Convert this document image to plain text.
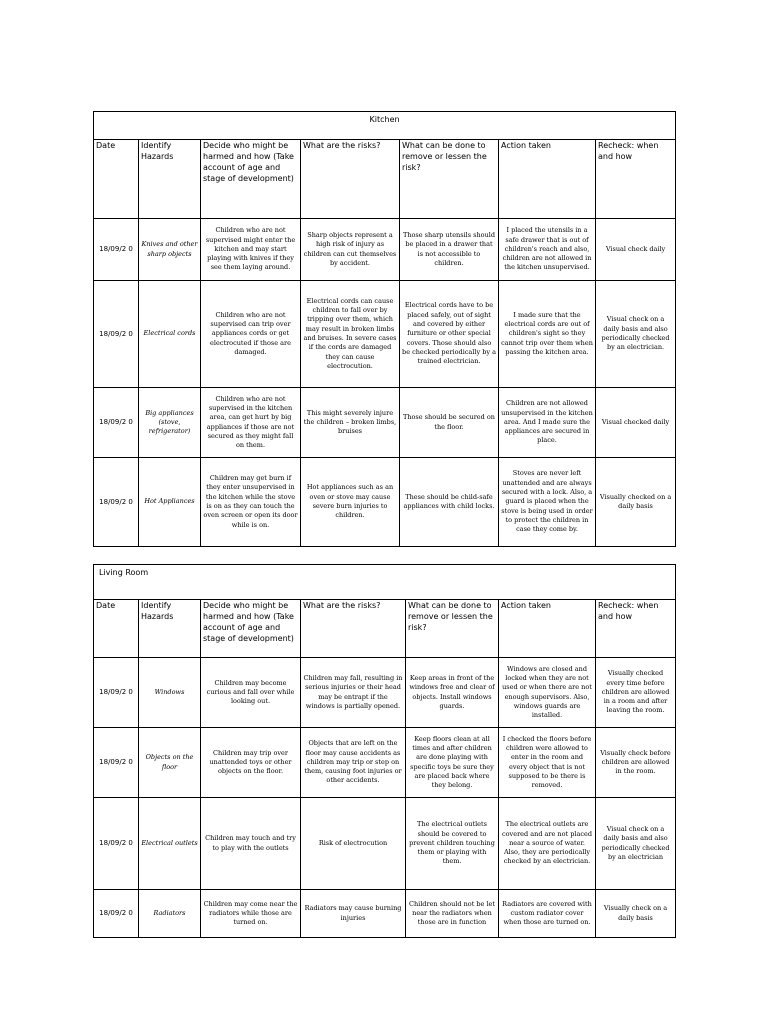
Kitchen						
Date	Identify Hazards	Decide who might be harmed and how (Take account of age and stage of development)	What are the risks?	What can be done to remove or lessen the risk?	Action taken	Recheck: when and how
18/09/2 0	Knives and other sharp objects	Children who are not supervised might enter the kitchen and may start playing with knives if they see them laying around.	Sharp objects represent a high risk of injury as children can cut themselves by accident.	Those sharp utensils should be placed in a drawer that is not accessible to children.	I placed the utensils in a safe drawer that is out of children's reach and also, children are not allowed in the kitchen unsupervised.	Visual check daily
18/09/2 0	Electrical cords	Children who are not supervised can trip over appliances cords or get electrocuted if those are damaged.	Electrical cords can cause children to fall over by tripping over them, which may result in broken limbs and bruises. In severe cases if the cords are damaged they can cause electrocution.	Electrical cords have to be placed safely, out of sight and covered by either furniture or other special covers. Those should also be checked periodically by a trained electrician.	I made sure that the electrical cords are out of children's sight so they cannot trip over them when passing the kitchen area.	Visual check on a daily basis and also periodically checked by an electrician.
18/09/2 0	Big appliances (stove, refrigerator)	Children who are not supervised in the kitchen area, can get hurt by big appliances if those are not secured as they might fall on them.	This might severely injure the children – broken limbs, bruises	Those should be secured on the floor.	Children are not allowed unsupervised in the kitchen area. And I made sure the appliances are secured in place.	Visual checked daily
18/09/2 0	Hot Appliances	Children may get burn if they enter unsupervised in the kitchen while the stove is on as they can touch the oven screen or open its door while is on.	Hot appliances such as an oven or stove may cause severe burn injuries to children.	These should be child-safe appliances with child locks.	Stoves are never left unattended and are always secured with a lock. Also, a guard is placed when the stove is being used in order to protect the children in case they come by.	Visually checked on a daily basis
Living Room						
Date	Identify Hazards	Decide who might be harmed and how (Take account of age and stage of development)	What are the risks?	What can be done to remove or lessen the risk?	Action taken	Recheck: when and how
18/09/2 0	Windows	Children may become curious and fall over while looking out.	Children may fall, resulting in serious injuries or their head may be entrapt if the windows is partially opened.	Keep areas in front of the windows free and clear of objects. Install windows guards.	Windows are closed and locked when they are not used or when there are not enough supervisors. Also, windows guards are installed.	Visually checked every time before children are allowed in a room and after leaving the room.
18/09/2 0	Objects on the floor	Children may trip over unattended toys or other objects on the floor.	Objects that are left on the floor may cause accidents as children may trip or step on them, causing foot injuries or other accidents.	Keep floors clean at all times and after children are done playing with specific toys be sure they are placed back where they belong.	I checked the floors before children were allowed to enter in the room and every object that is not supposed to be there is removed.	Visually check before children are allowed in the room.
18/09/2 0	Electrical outlets	Children may touch and try to play with the outlets	Risk of electrocution	The electrical outlets should be covered to prevent children touching them or playing with them.	The electrical outlets are covered and are not placed near a source of water. Also, they are periodically checked by an electrician.	Visual check on a daily basis and also periodically checked by an electrician
18/09/2 0	Radiators	Children may come near the radiators while those are turned on.	Radiators may cause burning injuries	Children should not be let near the radiators when those are in function	Radiators are covered with custom radiator cover when those are turned on.	Visually check on a daily basis
